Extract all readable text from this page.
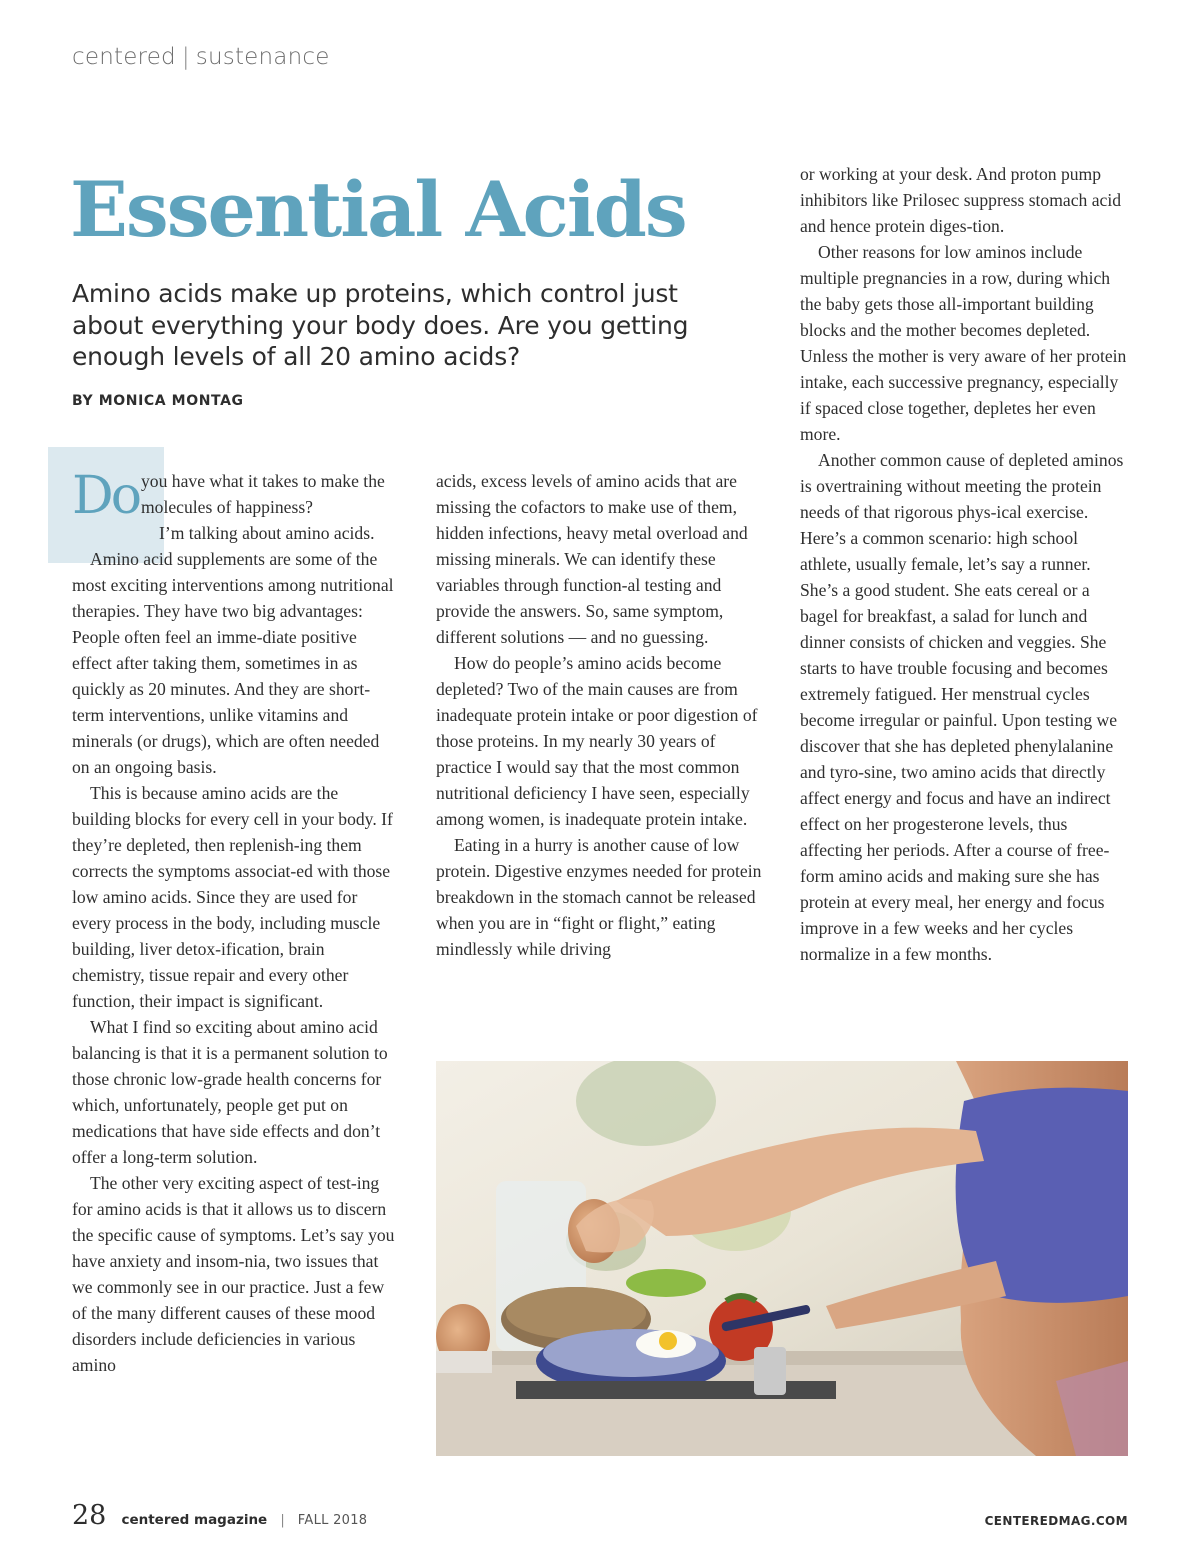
centered | sustenance
Essential Acids

Amino acids make up proteins, which control just about everything your body does. Are you getting enough levels of all 20 amino acids?

BY MONICA MONTAG

Do you have what it takes to make the molecules of happiness?

I’m talking about amino acids.

Amino acid supplements are some of the most exciting interventions among nutritional therapies. They have two big advantages: People often feel an imme-diate positive effect after taking them, sometimes in as quickly as 20 minutes. And they are short-term interventions, unlike vitamins and minerals (or drugs), which are often needed on an ongoing basis.

This is because amino acids are the building blocks for every cell in your body. If they’re depleted, then replenish-ing them corrects the symptoms associat-ed with those low amino acids. Since they are used for every process in the body, including muscle building, liver detox-ification, brain chemistry, tissue repair and every other function, their impact is significant.

What I find so exciting about amino acid balancing is that it is a permanent solution to those chronic low-grade health concerns for which, unfortunately, people get put on medications that have side effects and don’t offer a long-term solution.

The other very exciting aspect of test-ing for amino acids is that it allows us to discern the specific cause of symptoms. Let’s say you have anxiety and insom-nia, two issues that we commonly see in our practice. Just a few of the many different causes of these mood disorders include deficiencies in various amino

acids, excess levels of amino acids that are missing the cofactors to make use of them, hidden infections, heavy metal overload and missing minerals. We can identify these variables through function-al testing and provide the answers. So, same symptom, different solutions — and no guessing.

How do people’s amino acids become depleted? Two of the main causes are from inadequate protein intake or poor digestion of those proteins. In my nearly 30 years of practice I would say that the most common nutritional deficiency I have seen, especially among women, is inadequate protein intake.

Eating in a hurry is another cause of low protein. Digestive enzymes needed for protein breakdown in the stomach cannot be released when you are in “fight or flight,” eating mindlessly while driving

or working at your desk. And proton pump inhibitors like Prilosec suppress stomach acid and hence protein diges-tion.

Other reasons for low aminos include multiple pregnancies in a row, during which the baby gets those all-important building blocks and the mother becomes depleted. Unless the mother is very aware of her protein intake, each successive pregnancy, especially if spaced close together, depletes her even more.

Another common cause of depleted aminos is overtraining without meeting the protein needs of that rigorous phys-ical exercise. Here’s a common scenario: high school athlete, usually female, let’s say a runner. She’s a good student. She eats cereal or a bagel for breakfast, a salad for lunch and dinner consists of chicken and veggies. She starts to have trouble focusing and becomes extremely fatigued. Her menstrual cycles become irregular or painful. Upon testing we discover that she has depleted phenylalanine and tyro-sine, two amino acids that directly affect energy and focus and have an indirect effect on her progesterone levels, thus affecting her periods. After a course of free-form amino acids and making sure she has protein at every meal, her energy and focus improve in a few weeks and her cycles normalize in a few months.

28 centered magazine | FALL 2018	CENTEREDMAG.COM
